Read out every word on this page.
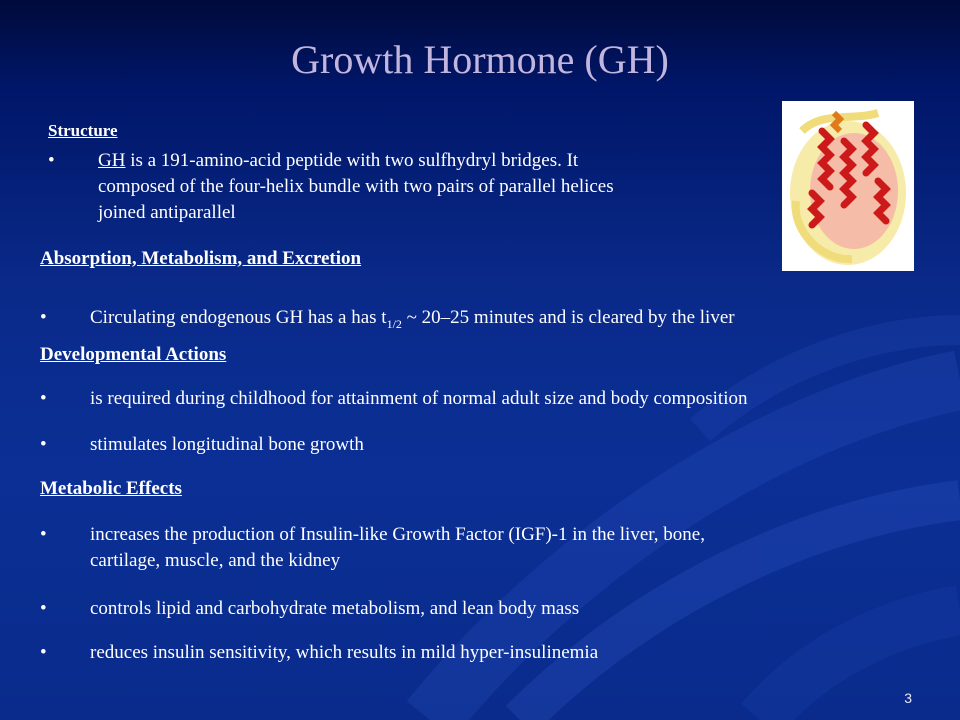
Growth Hormone (GH)
Structure
• GH is a 191-amino-acid peptide with two sulfhydryl bridges. It
composed of the four-helix bundle with two pairs of parallel helices
joined antiparallel
Absorption, Metabolism, and Excretion
• Circulating endogenous GH has a has $t_{1/2}$ ~ 20–25 minutes and is cleared by the liver
Developmental Actions
• is required during childhood for attainment of normal adult size and body composition
• stimulates longitudinal bone growth
Metabolic Effects
• increases the production of Insulin-like Growth Factor (IGF)-1 in the liver, bone,
cartilage, muscle, and the kidney
• controls lipid and carbohydrate metabolism, and lean body mass
• reduces insulin sensitivity, which results in mild hyper-insulinemia
3
